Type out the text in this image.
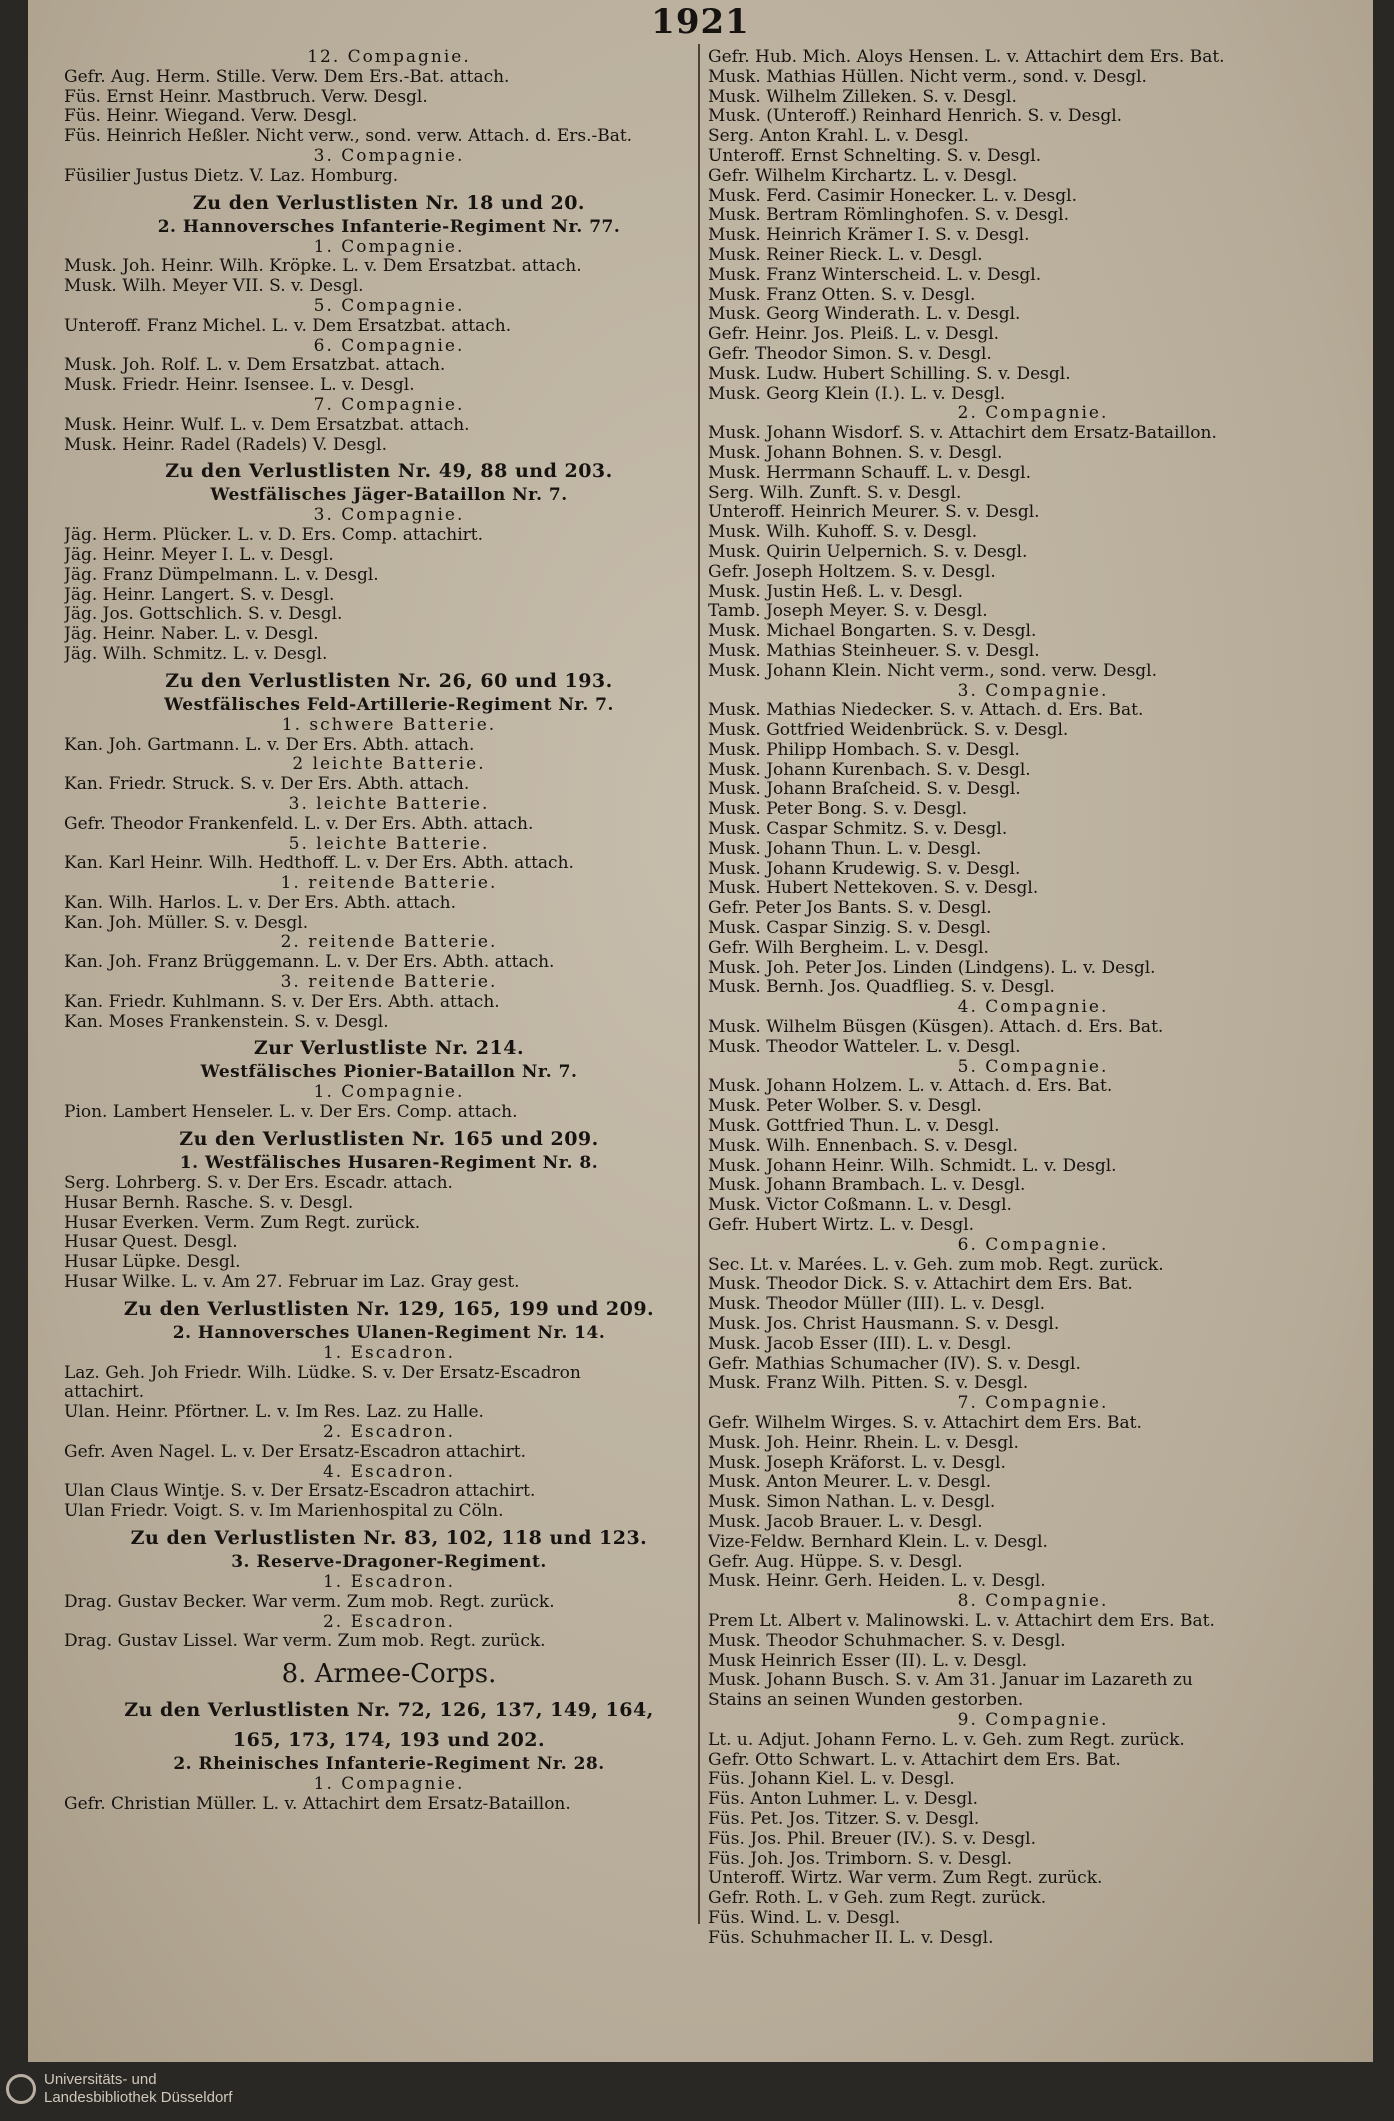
1921
12. Compagnie.
Gefr. Aug. Herm. Stille. Verw. Dem Ers.-Bat. attach.
Füs. Ernst Heinr. Mastbruch. Verw. Desgl.
Füs. Heinr. Wiegand. Verw. Desgl.
Füs. Heinrich Heßler. Nicht verw., sond. verw. Attach. d. Ers.-Bat.
3. Compagnie.
Füsilier Justus Dietz. V. Laz. Homburg.
Zu den Verlustlisten Nr. 18 und 20.
2. Hannoversches Infanterie-Regiment Nr. 77.
1. Compagnie.
Musk. Joh. Heinr. Wilh. Kröpke. L. v. Dem Ersatzbat. attach.
Musk. Wilh. Meyer VII. S. v. Desgl.
5. Compagnie.
Unteroff. Franz Michel. L. v. Dem Ersatzbat. attach.
6. Compagnie.
Musk. Joh. Rolf. L. v. Dem Ersatzbat. attach.
Musk. Friedr. Heinr. Isensee. L. v. Desgl.
7. Compagnie.
Musk. Heinr. Wulf. L. v. Dem Ersatzbat. attach.
Musk. Heinr. Radel (Radels) V. Desgl.
Zu den Verlustlisten Nr. 49, 88 und 203.
Westfälisches Jäger-Bataillon Nr. 7.
3. Compagnie.
Jäg. Herm. Plücker. L. v. D. Ers. Comp. attachirt.
Jäg. Heinr. Meyer I. L. v. Desgl.
Jäg. Franz Dümpelmann. L. v. Desgl.
Jäg. Heinr. Langert. S. v. Desgl.
Jäg. Jos. Gottschlich. S. v. Desgl.
Jäg. Heinr. Naber. L. v. Desgl.
Jäg. Wilh. Schmitz. L. v. Desgl.
Zu den Verlustlisten Nr. 26, 60 und 193.
Westfälisches Feld-Artillerie-Regiment Nr. 7.
1. schwere Batterie.
Kan. Joh. Gartmann. L. v. Der Ers. Abth. attach.
2 leichte Batterie.
Kan. Friedr. Struck. S. v. Der Ers. Abth. attach.
3. leichte Batterie.
Gefr. Theodor Frankenfeld. L. v. Der Ers. Abth. attach.
5. leichte Batterie.
Kan. Karl Heinr. Wilh. Hedthoff. L. v. Der Ers. Abth. attach.
1. reitende Batterie.
Kan. Wilh. Harlos. L. v. Der Ers. Abth. attach.
Kan. Joh. Müller. S. v. Desgl.
2. reitende Batterie.
Kan. Joh. Franz Brüggemann. L. v. Der Ers. Abth. attach.
3. reitende Batterie.
Kan. Friedr. Kuhlmann. S. v. Der Ers. Abth. attach.
Kan. Moses Frankenstein. S. v. Desgl.
Zur Verlustliste Nr. 214.
Westfälisches Pionier-Bataillon Nr. 7.
1. Compagnie.
Pion. Lambert Henseler. L. v. Der Ers. Comp. attach.
Zu den Verlustlisten Nr. 165 und 209.
1. Westfälisches Husaren-Regiment Nr. 8.
Serg. Lohrberg. S. v. Der Ers. Escadr. attach.
Husar Bernh. Rasche. S. v. Desgl.
Husar Everken. Verm. Zum Regt. zurück.
Husar Quest. Desgl.
Husar Lüpke. Desgl.
Husar Wilke. L. v. Am 27. Februar im Laz. Gray gest.
Zu den Verlustlisten Nr. 129, 165, 199 und 209.
2. Hannoversches Ulanen-Regiment Nr. 14.
1. Escadron.
Laz. Geh. Joh Friedr. Wilh. Lüdke. S. v. Der Ersatz-Escadron
attachirt.
Ulan. Heinr. Pförtner. L. v. Im Res. Laz. zu Halle.
2. Escadron.
Gefr. Aven Nagel. L. v. Der Ersatz-Escadron attachirt.
4. Escadron.
Ulan Claus Wintje. S. v. Der Ersatz-Escadron attachirt.
Ulan Friedr. Voigt. S. v. Im Marienhospital zu Cöln.
Zu den Verlustlisten Nr. 83, 102, 118 und 123.
3. Reserve-Dragoner-Regiment.
1. Escadron.
Drag. Gustav Becker. War verm. Zum mob. Regt. zurück.
2. Escadron.
Drag. Gustav Lissel. War verm. Zum mob. Regt. zurück.
8. Armee-Corps.
Zu den Verlustlisten Nr. 72, 126, 137, 149, 164,
165, 173, 174, 193 und 202.
2. Rheinisches Infanterie-Regiment Nr. 28.
1. Compagnie.
Gefr. Christian Müller. L. v. Attachirt dem Ersatz-Bataillon.
Gefr. Hub. Mich. Aloys Hensen. L. v. Attachirt dem Ers. Bat.
Musk. Mathias Hüllen. Nicht verm., sond. v. Desgl.
Musk. Wilhelm Zilleken. S. v. Desgl.
Musk. (Unteroff.) Reinhard Henrich. S. v. Desgl.
Serg. Anton Krahl. L. v. Desgl.
Unteroff. Ernst Schnelting. S. v. Desgl.
Gefr. Wilhelm Kirchartz. L. v. Desgl.
Musk. Ferd. Casimir Honecker. L. v. Desgl.
Musk. Bertram Römlinghofen. S. v. Desgl.
Musk. Heinrich Krämer I. S. v. Desgl.
Musk. Reiner Rieck. L. v. Desgl.
Musk. Franz Winterscheid. L. v. Desgl.
Musk. Franz Otten. S. v. Desgl.
Musk. Georg Winderath. L. v. Desgl.
Gefr. Heinr. Jos. Pleiß. L. v. Desgl.
Gefr. Theodor Simon. S. v. Desgl.
Musk. Ludw. Hubert Schilling. S. v. Desgl.
Musk. Georg Klein (I.). L. v. Desgl.
2. Compagnie.
Musk. Johann Wisdorf. S. v. Attachirt dem Ersatz-Bataillon.
Musk. Johann Bohnen. S. v. Desgl.
Musk. Herrmann Schauff. L. v. Desgl.
Serg. Wilh. Zunft. S. v. Desgl.
Unteroff. Heinrich Meurer. S. v. Desgl.
Musk. Wilh. Kuhoff. S. v. Desgl.
Musk. Quirin Uelpernich. S. v. Desgl.
Gefr. Joseph Holtzem. S. v. Desgl.
Musk. Justin Heß. L. v. Desgl.
Tamb. Joseph Meyer. S. v. Desgl.
Musk. Michael Bongarten. S. v. Desgl.
Musk. Mathias Steinheuer. S. v. Desgl.
Musk. Johann Klein. Nicht verm., sond. verw. Desgl.
3. Compagnie.
Musk. Mathias Niedecker. S. v. Attach. d. Ers. Bat.
Musk. Gottfried Weidenbrück. S. v. Desgl.
Musk. Philipp Hombach. S. v. Desgl.
Musk. Johann Kurenbach. S. v. Desgl.
Musk. Johann Braſcheid. S. v. Desgl.
Musk. Peter Bong. S. v. Desgl.
Musk. Caspar Schmitz. S. v. Desgl.
Musk. Johann Thun. L. v. Desgl.
Musk. Johann Krudewig. S. v. Desgl.
Musk. Hubert Nettekoven. S. v. Desgl.
Gefr. Peter Jos Bants. S. v. Desgl.
Musk. Caspar Sinzig. S. v. Desgl.
Gefr. Wilh Bergheim. L. v. Desgl.
Musk. Joh. Peter Jos. Linden (Lindgens). L. v. Desgl.
Musk. Bernh. Jos. Quadflieg. S. v. Desgl.
4. Compagnie.
Musk. Wilhelm Büsgen (Küsgen). Attach. d. Ers. Bat.
Musk. Theodor Watteler. L. v. Desgl.
5. Compagnie.
Musk. Johann Holzem. L. v. Attach. d. Ers. Bat.
Musk. Peter Wolber. S. v. Desgl.
Musk. Gottfried Thun. L. v. Desgl.
Musk. Wilh. Ennenbach. S. v. Desgl.
Musk. Johann Heinr. Wilh. Schmidt. L. v. Desgl.
Musk. Johann Brambach. L. v. Desgl.
Musk. Victor Coßmann. L. v. Desgl.
Gefr. Hubert Wirtz. L. v. Desgl.
6. Compagnie.
Sec. Lt. v. Marées. L. v. Geh. zum mob. Regt. zurück.
Musk. Theodor Dick. S. v. Attachirt dem Ers. Bat.
Musk. Theodor Müller (III). L. v. Desgl.
Musk. Jos. Christ Hausmann. S. v. Desgl.
Musk. Jacob Esser (III). L. v. Desgl.
Gefr. Mathias Schumacher (IV). S. v. Desgl.
Musk. Franz Wilh. Pitten. S. v. Desgl.
7. Compagnie.
Gefr. Wilhelm Wirges. S. v. Attachirt dem Ers. Bat.
Musk. Joh. Heinr. Rhein. L. v. Desgl.
Musk. Joseph Kräforst. L. v. Desgl.
Musk. Anton Meurer. L. v. Desgl.
Musk. Simon Nathan. L. v. Desgl.
Musk. Jacob Brauer. L. v. Desgl.
Vize-Feldw. Bernhard Klein. L. v. Desgl.
Gefr. Aug. Hüppe. S. v. Desgl.
Musk. Heinr. Gerh. Heiden. L. v. Desgl.
8. Compagnie.
Prem Lt. Albert v. Malinowski. L. v. Attachirt dem Ers. Bat.
Musk. Theodor Schuhmacher. S. v. Desgl.
Musk Heinrich Esser (II). L. v. Desgl.
Musk. Johann Busch. S. v. Am 31. Januar im Lazareth zu
Stains an seinen Wunden gestorben.
9. Compagnie.
Lt. u. Adjut. Johann Ferno. L. v. Geh. zum Regt. zurück.
Gefr. Otto Schwart. L. v. Attachirt dem Ers. Bat.
Füs. Johann Kiel. L. v. Desgl.
Füs. Anton Luhmer. L. v. Desgl.
Füs. Pet. Jos. Titzer. S. v. Desgl.
Füs. Jos. Phil. Breuer (IV.). S. v. Desgl.
Füs. Joh. Jos. Trimborn. S. v. Desgl.
Unteroff. Wirtz. War verm. Zum Regt. zurück.
Gefr. Roth. L. v Geh. zum Regt. zurück.
Füs. Wind. L. v. Desgl.
Füs. Schuhmacher II. L. v. Desgl.
Universitäts- und
Landesbibliothek Düsseldorf
